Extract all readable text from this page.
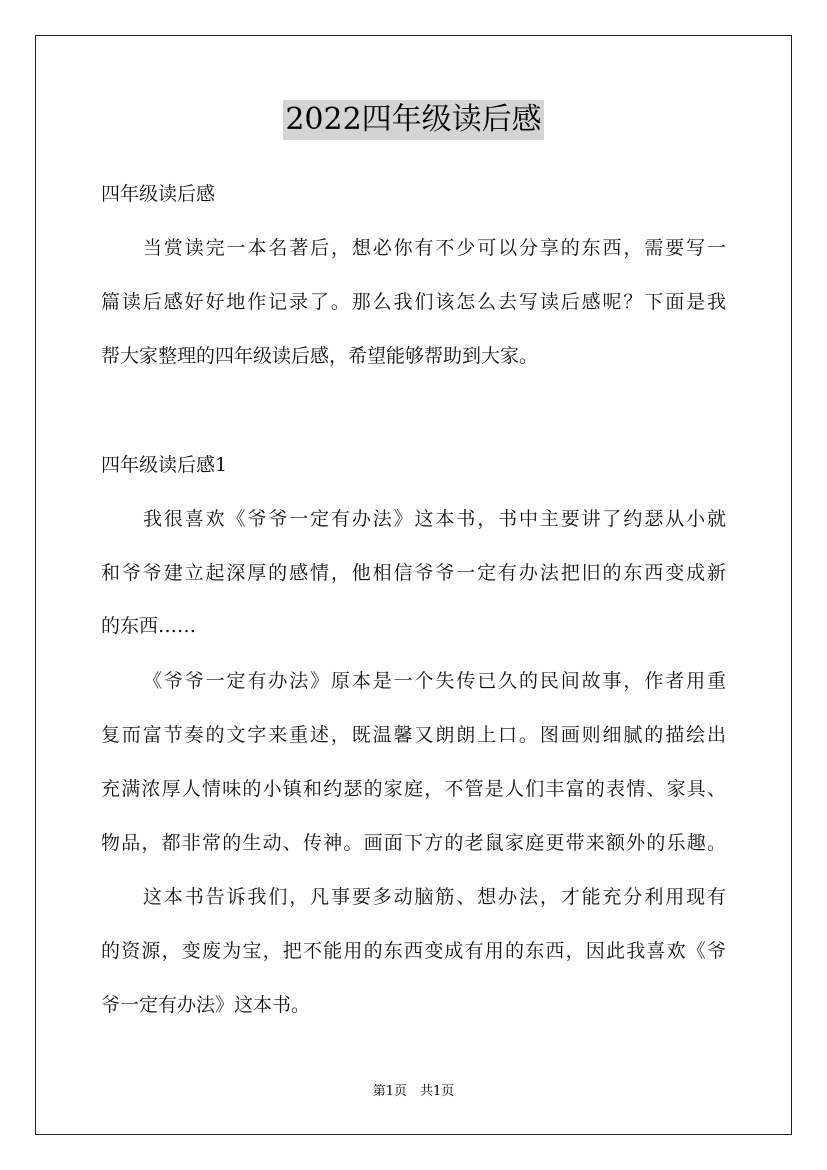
2022四年级读后感
四年级读后感
当赏读完一本名著后，想必你有不少可以分享的东西，需要写一
篇读后感好好地作记录了。那么我们该怎么去写读后感呢？下面是我
帮大家整理的四年级读后感，希望能够帮助到大家。
四年级读后感1
我很喜欢《爷爷一定有办法》这本书，书中主要讲了约瑟从小就
和爷爷建立起深厚的感情，他相信爷爷一定有办法把旧的东西变成新
的东西……
《爷爷一定有办法》原本是一个失传已久的民间故事，作者用重
复而富节奏的文字来重述，既温馨又朗朗上口。图画则细腻的描绘出
充满浓厚人情味的小镇和约瑟的家庭，不管是人们丰富的表情、家具、
物品，都非常的生动、传神。画面下方的老鼠家庭更带来额外的乐趣。
这本书告诉我们，凡事要多动脑筋、想办法，才能充分利用现有
的资源，变废为宝，把不能用的东西变成有用的东西，因此我喜欢《爷
爷一定有办法》这本书。
第1页　共1页
